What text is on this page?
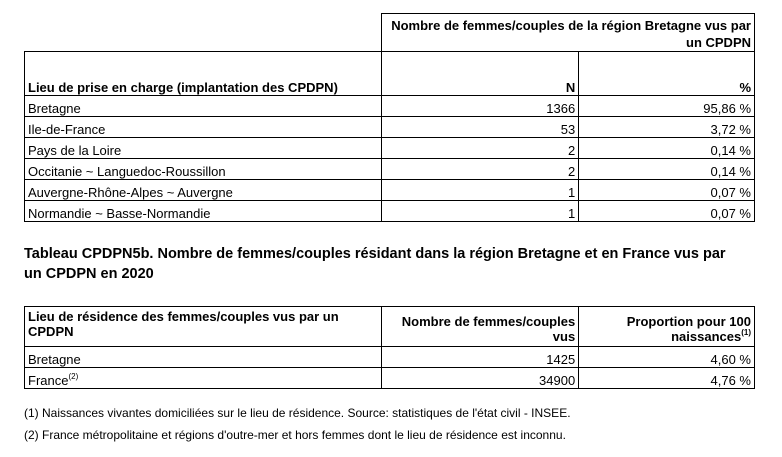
	Nombre de femmes/couples de la région Bretagne vus par un CPDPN	
Lieu de prise en charge (implantation des CPDPN)	N	%
Bretagne	1366	95,86 %
Ile-de-France	53	3,72 %
Pays de la Loire	2	0,14 %
Occitanie ~ Languedoc-Roussillon	2	0,14 %
Auvergne-Rhône-Alpes ~ Auvergne	1	0,07 %
Normandie ~ Basse-Normandie	1	0,07 %
Tableau CPDPN5b. Nombre de femmes/couples résidant dans la région Bretagne et en France vus par un CPDPN en 2020
Lieu de résidence des femmes/couples vus par un CPDPN	Nombre de femmes/couples vus	Proportion pour 100 naissances$^{(1)}$
Bretagne	1425	4,60 %
France$^{(2)}$	34900	4,76 %
(1) Naissances vivantes domiciliées sur le lieu de résidence. Source: statistiques de l'état civil - INSEE.
(2) France métropolitaine et régions d'outre-mer et hors femmes dont le lieu de résidence est inconnu.
